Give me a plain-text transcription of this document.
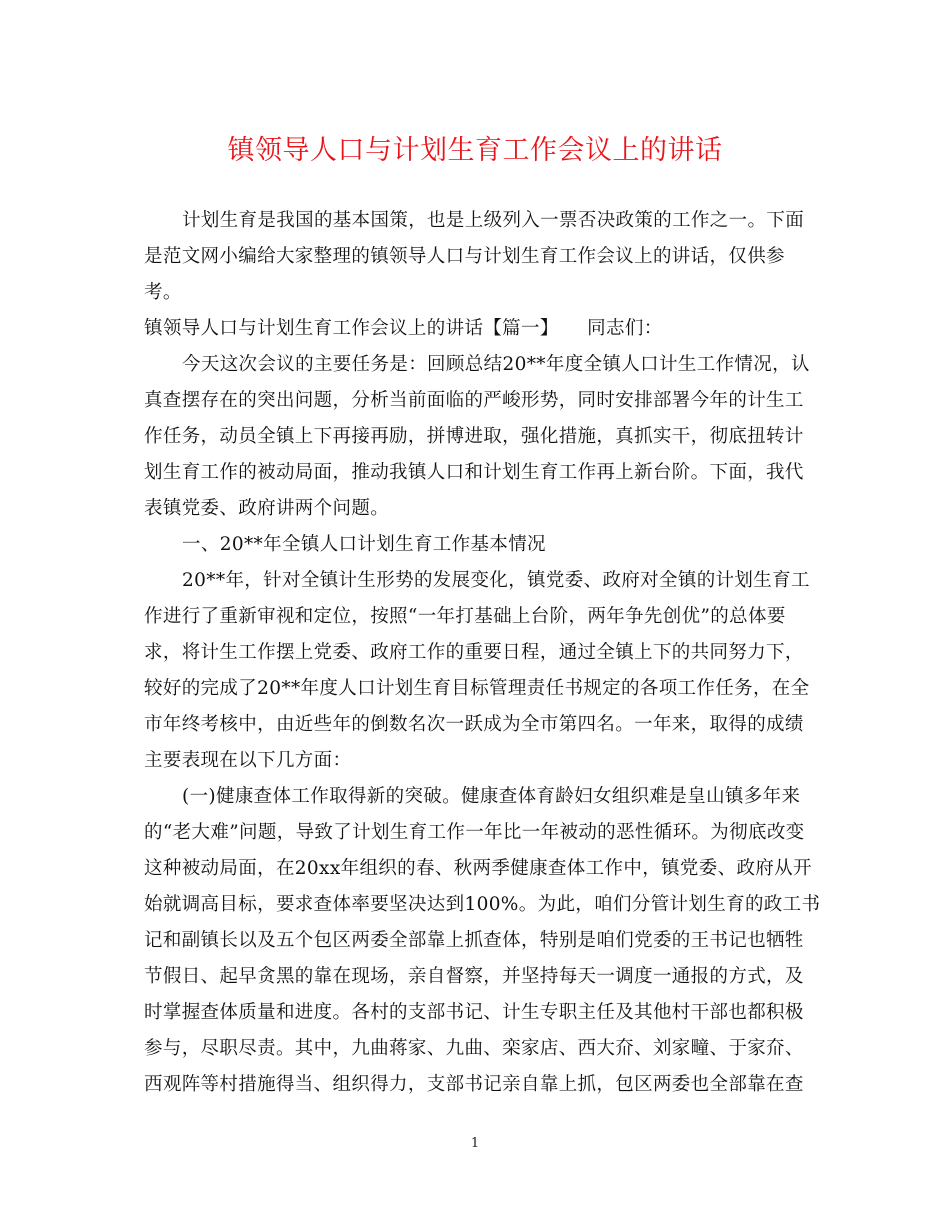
镇领导人口与计划生育工作会议上的讲话
计划生育是我国的基本国策，也是上级列入一票否决政策的工作之一。下面
是范文网小编给大家整理的镇领导人口与计划生育工作会议上的讲话，仅供参
考。
镇领导人口与计划生育工作会议上的讲话【篇一】　　同志们：
今天这次会议的主要任务是：回顾总结20**年度全镇人口计生工作情况，认
真查摆存在的突出问题，分析当前面临的严峻形势，同时安排部署今年的计生工
作任务，动员全镇上下再接再励，拼博进取，强化措施，真抓实干，彻底扭转计
划生育工作的被动局面，推动我镇人口和计划生育工作再上新台阶。下面，我代
表镇党委、政府讲两个问题。
一、20**年全镇人口计划生育工作基本情况
20**年，针对全镇计生形势的发展变化，镇党委、政府对全镇的计划生育工
作进行了重新审视和定位，按照“一年打基础上台阶，两年争先创优”的总体要
求，将计生工作摆上党委、政府工作的重要日程，通过全镇上下的共同努力下，
较好的完成了20**年度人口计划生育目标管理责任书规定的各项工作任务，在全
市年终考核中，由近些年的倒数名次一跃成为全市第四名。一年来，取得的成绩
主要表现在以下几方面：
(一)健康查体工作取得新的突破。健康查体育龄妇女组织难是皇山镇多年来
的“老大难”问题，导致了计划生育工作一年比一年被动的恶性循环。为彻底改变
这种被动局面，在20xx年组织的春、秋两季健康查体工作中，镇党委、政府从开
始就调高目标，要求查体率要坚决达到100%。为此，咱们分管计划生育的政工书
记和副镇长以及五个包区两委全部靠上抓查体，特别是咱们党委的王书记也牺牲
节假日、起早贪黑的靠在现场，亲自督察，并坚持每天一调度一通报的方式，及
时掌握查体质量和进度。各村的支部书记、计生专职主任及其他村干部也都积极
参与，尽职尽责。其中，九曲蒋家、九曲、栾家店、西大夼、刘家疃、于家夼、
西观阵等村措施得当、组织得力，支部书记亲自靠上抓，包区两委也全部靠在查
1
